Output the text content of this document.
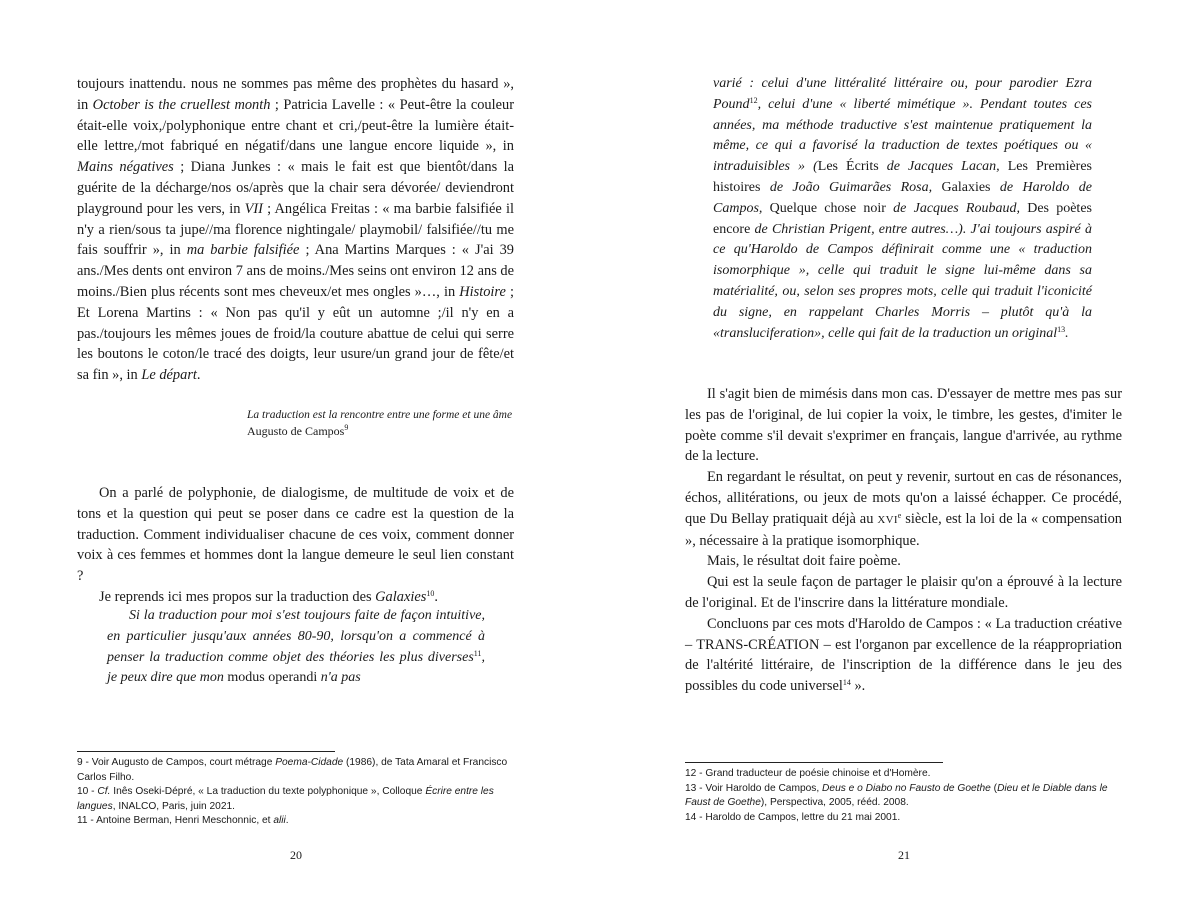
toujours inattendu. nous ne sommes pas même des prophètes du hasard », in October is the cruellest month ; Patricia Lavelle : « Peut-être la couleur était-elle voix,/polyphonique entre chant et cri,/peut-être la lumière était-elle lettre,/mot fabriqué en négatif/dans une langue encore liquide », in Mains négatives ; Diana Junkes : « mais le fait est que bientôt/dans la guérite de la décharge/nos os/après que la chair sera dévorée/ deviendront playground pour les vers, in VII ; Angélica Freitas : « ma barbie falsifiée il n'y a rien/sous ta jupe//ma florence nightingale/ playmobil/ falsifiée//tu me fais souffrir », in ma barbie falsifiée ; Ana Martins Marques : « J'ai 39 ans./Mes dents ont environ 7 ans de moins./Mes seins ont environ 12 ans de moins./Bien plus récents sont mes cheveux/et mes ongles »…, in Histoire ; Et Lorena Martins : « Non pas qu'il y eût un automne ;/il n'y en a pas./toujours les mêmes joues de froid/la couture abattue de celui qui serre les boutons le coton/le tracé des doigts, leur usure/un grand jour de fête/et sa fin », in Le départ.

La traduction est la rencontre entre une forme et une âme

Augusto de Campos$^9$

On a parlé de polyphonie, de dialogisme, de multitude de voix et de tons et la question qui peut se poser dans ce cadre est la question de la traduction. Comment individualiser chacune de ces voix, comment donner voix à ces femmes et hommes dont la langue demeure le seul lien constant ?

Je reprends ici mes propos sur la traduction des Galaxies$^{10}$.

Si la traduction pour moi s'est toujours faite de façon intuitive, en particulier jusqu'aux années 80-90, lorsqu'on a commencé à penser la traduction comme objet des théories les plus diverses$^{11}$, je peux dire que mon modus operandi n'a pas

9 - Voir Augusto de Campos, court métrage Poema-Cidade (1986), de Tata Amaral et Francisco Carlos Filho.

10 - Cf. Inês Oseki-Dépré, « La traduction du texte polyphonique », Colloque Écrire entre les langues, INALCO, Paris, juin 2021.

11 - Antoine Berman, Henri Meschonnic, et alii.

20

varié : celui d'une littéralité littéraire ou, pour parodier Ezra Pound$^{12}$, celui d'une « liberté mimétique ». Pendant toutes ces années, ma méthode traductive s'est maintenue pratiquement la même, ce qui a favorisé la traduction de textes poétiques ou « intraduisibles » (Les Écrits de Jacques Lacan, Les Premières histoires de João Guimarães Rosa, Galaxies de Haroldo de Campos, Quelque chose noir de Jacques Roubaud, Des poètes encore de Christian Prigent, entre autres…). J'ai toujours aspiré à ce qu'Haroldo de Campos définirait comme une « traduction isomorphique », celle qui traduit le signe lui-même dans sa matérialité, ou, selon ses propres mots, celle qui traduit l'iconicité du signe, en rappelant Charles Morris – plutôt qu'à la «transluciferation», celle qui fait de la traduction un original$^{13}$.

Il s'agit bien de mimésis dans mon cas. D'essayer de mettre mes pas sur les pas de l'original, de lui copier la voix, le timbre, les gestes, d'imiter le poète comme s'il devait s'exprimer en français, langue d'arrivée, au rythme de la lecture.

En regardant le résultat, on peut y revenir, surtout en cas de résonances, échos, allitérations, ou jeux de mots qu'on a laissé échapper. Ce procédé, que Du Bellay pratiquait déjà au XVIe siècle, est la loi de la « compensation », nécessaire à la pratique isomorphique.

Mais, le résultat doit faire poème.

Qui est la seule façon de partager le plaisir qu'on a éprouvé à la lecture de l'original. Et de l'inscrire dans la littérature mondiale.

Concluons par ces mots d'Haroldo de Campos : « La traduction créative – TRANS-CRÉATION – est l'organon par excellence de la réappropriation de l'altérité littéraire, de l'inscription de la différence dans le jeu des possibles du code universel$^{14}$ ».

12 - Grand traducteur de poésie chinoise et d'Homère.

13 - Voir Haroldo de Campos, Deus e o Diabo no Fausto de Goethe (Dieu et le Diable dans le Faust de Goethe), Perspectiva, 2005, rééd. 2008.

14 - Haroldo de Campos, lettre du 21 mai 2001.

21
